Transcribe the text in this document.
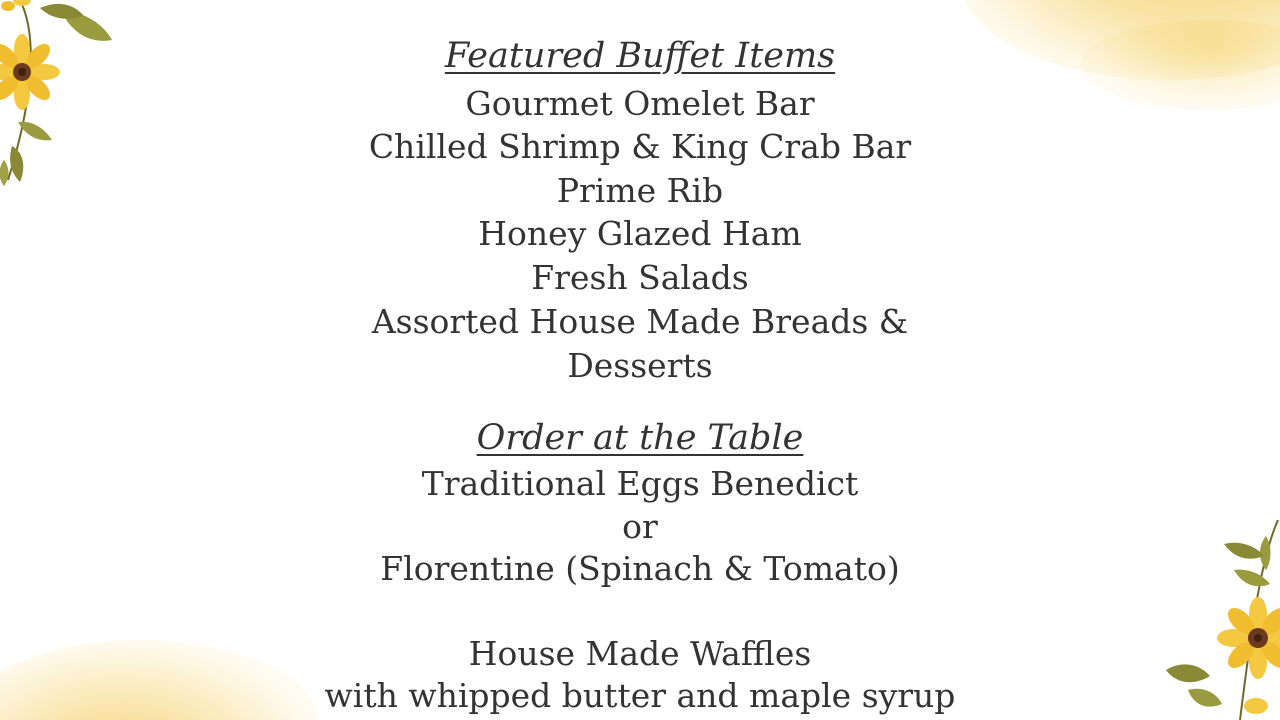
Featured Buffet Items
Gourmet Omelet Bar
Chilled Shrimp & King Crab Bar
Prime Rib
Honey Glazed Ham
Fresh Salads
Assorted House Made Breads &
Desserts
Order at the Table
Traditional Eggs Benedict
or
Florentine (Spinach & Tomato)
House Made Waffles
with whipped butter and maple syrup
